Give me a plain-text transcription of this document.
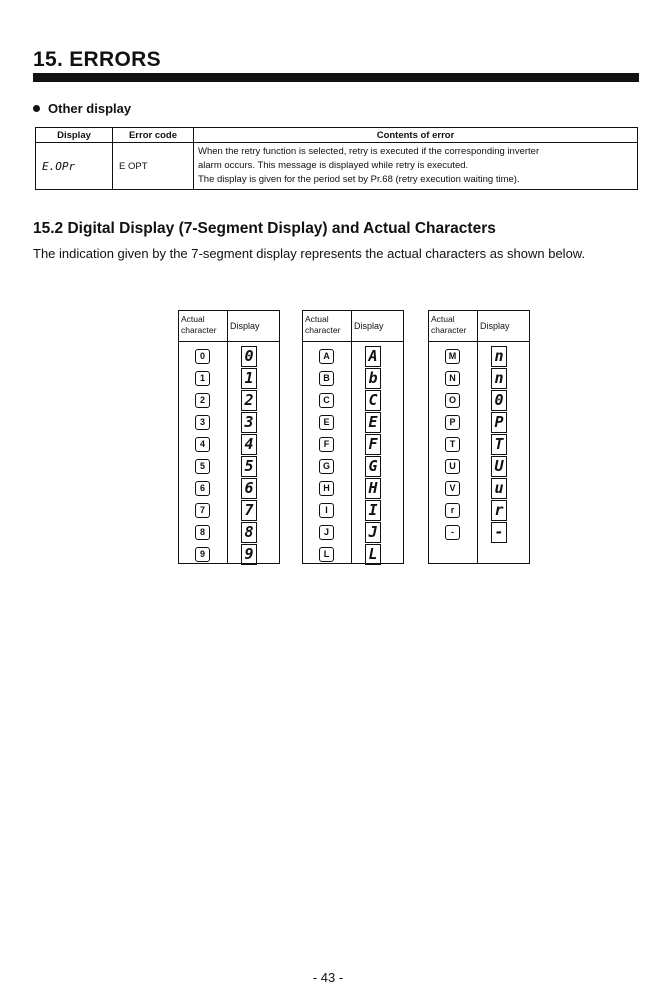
15. ERRORS
Other display
Display	Error code	Contents of error
E.OPr	E OPT	When the retry function is selected, retry is executed if the corresponding inverter
alarm occurs. This message is displayed while retry is executed.
The display is given for the period set by Pr.68 (retry execution waiting time).
15.2 Digital Display (7-Segment Display) and Actual Characters

The indication given by the 7-segment display represents the actual characters as shown below.

Actual character	Display
0	0
1	1
2	2
3	3
4	4
5	5
6	6
7	7
8	8
9	9
Actual character	Display
A	A
B	b
C	C
E	E
F	F
G	G
H	H
I	I
J	J
L	L
Actual character	Display
M	n
N	n
O	0
P	P
T	T
U	U
V	u
r	r
-	-

- 43 -
